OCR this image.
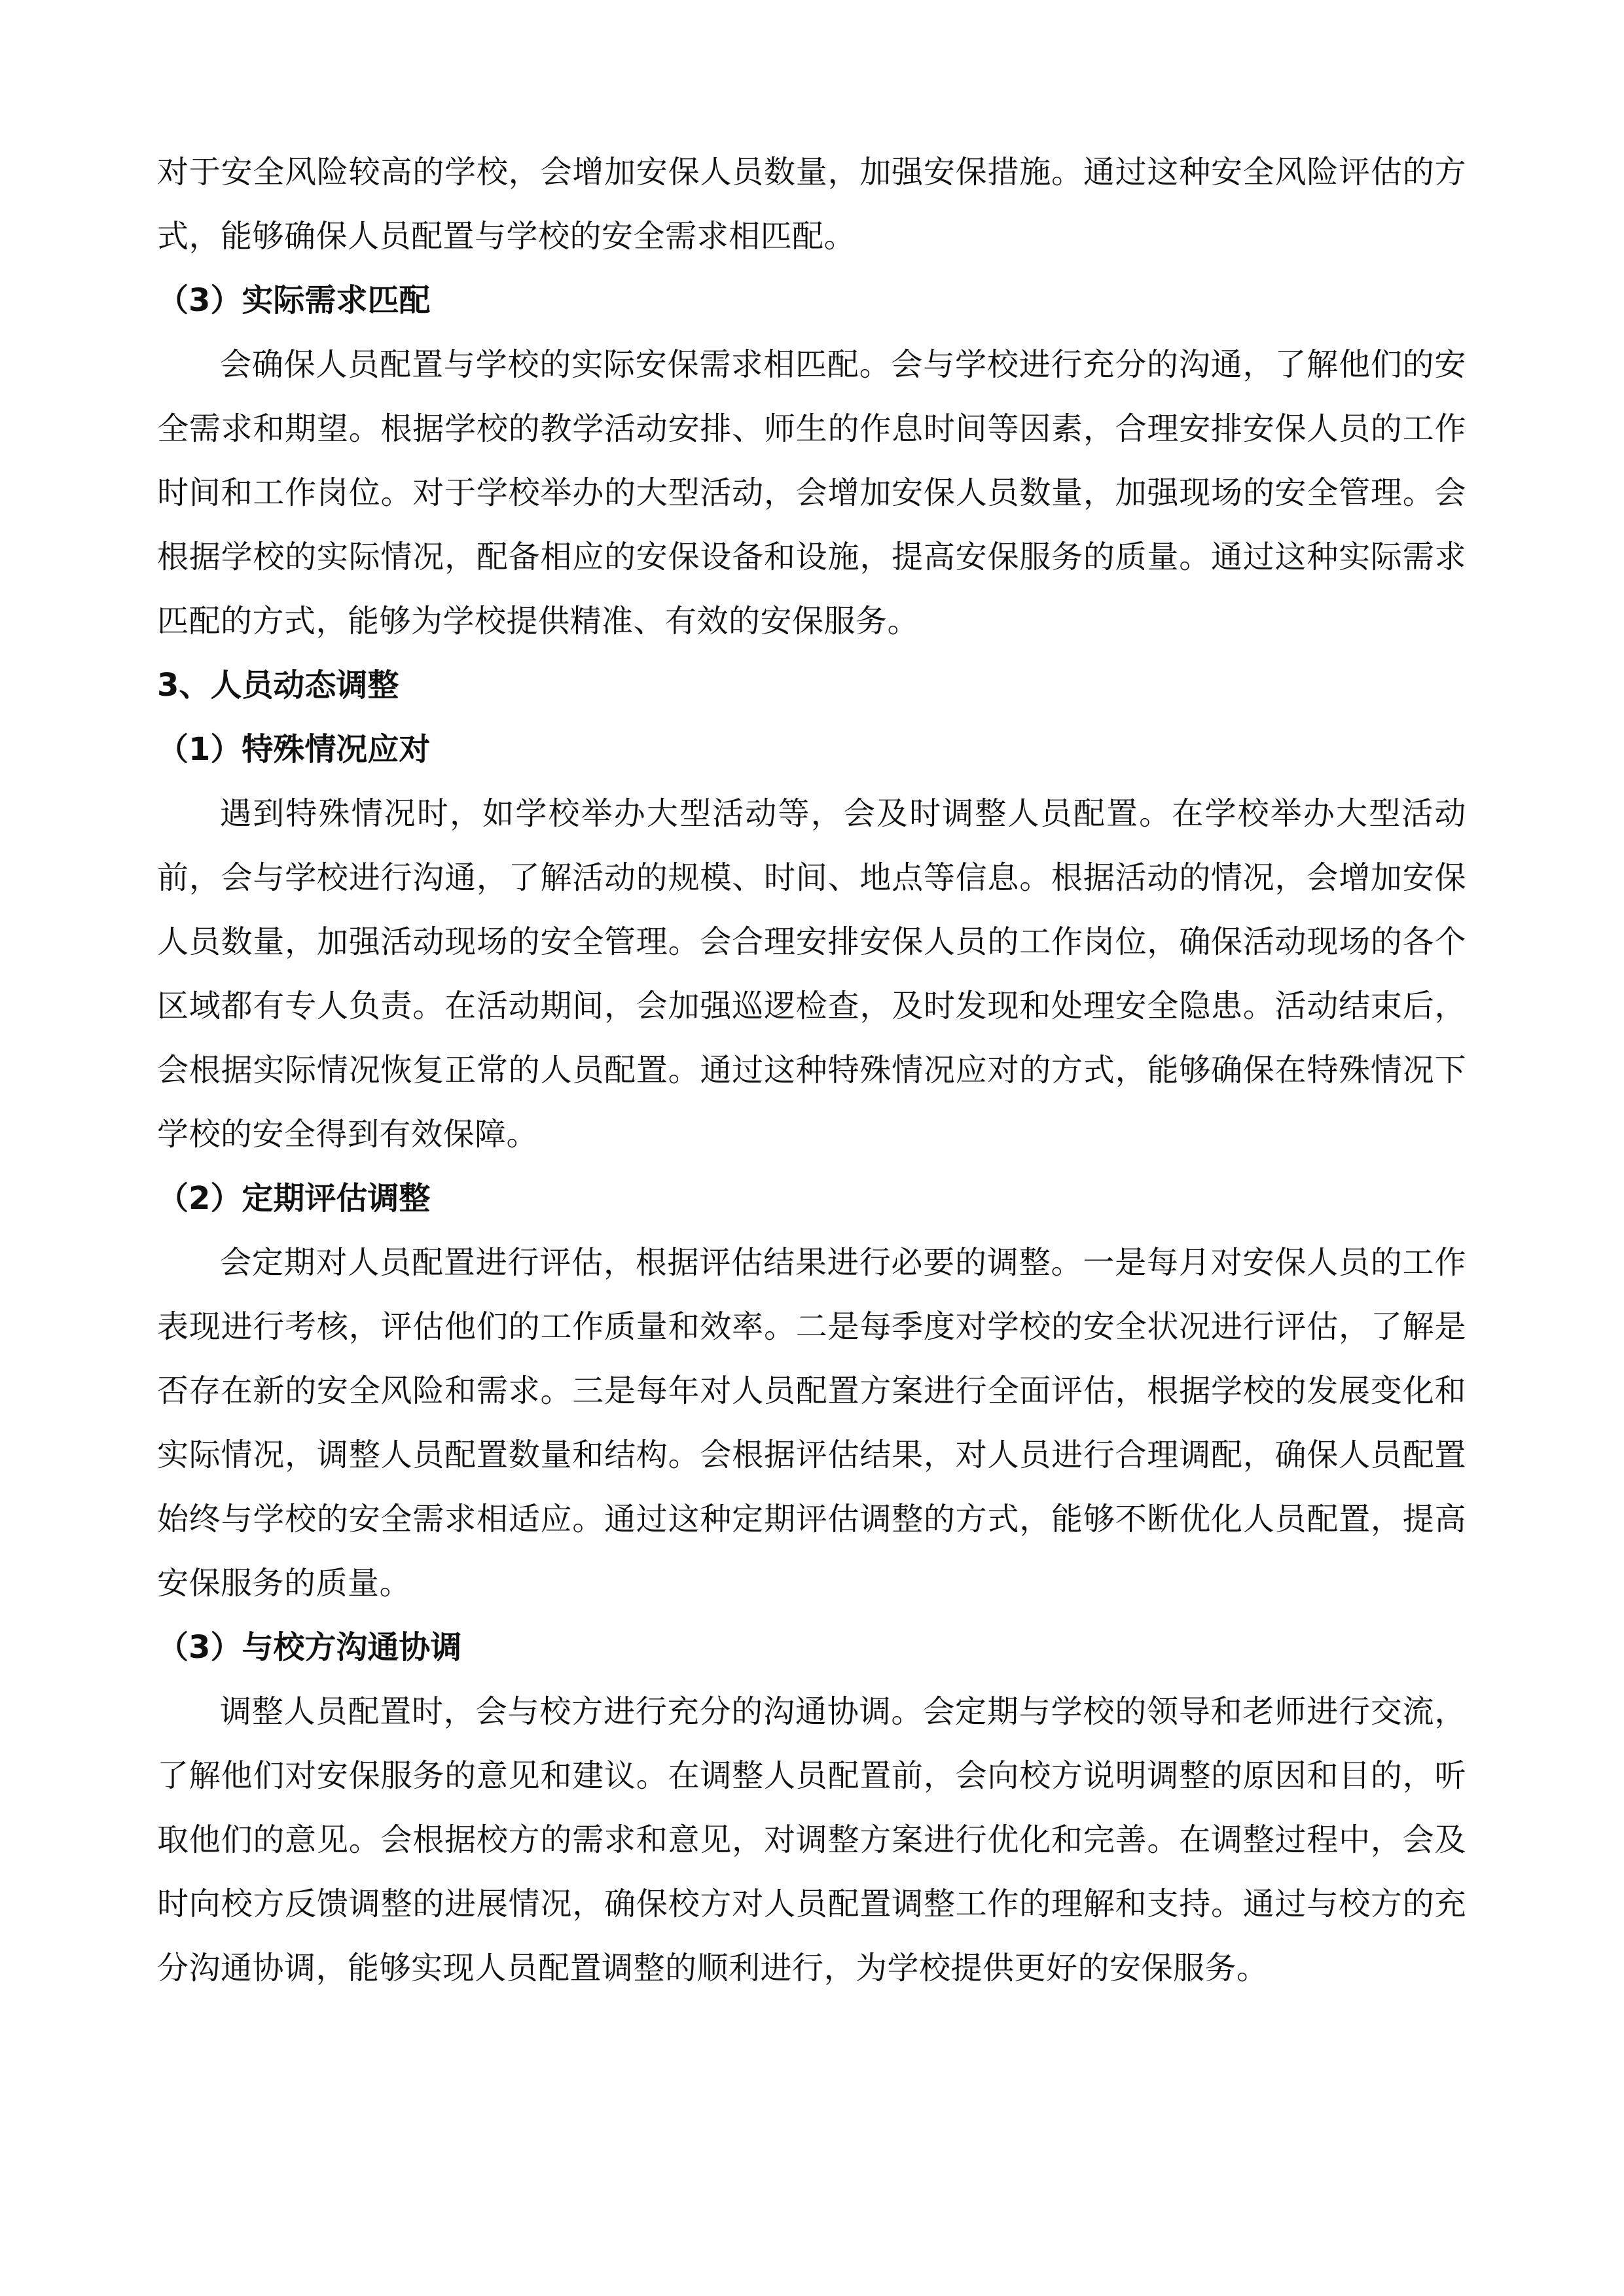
对于安全风险较高的学校，会增加安保人员数量，加强安保措施。通过这种安全风险评估的方式，能够确保人员配置与学校的安全需求相匹配。

（3）实际需求匹配

会确保人员配置与学校的实际安保需求相匹配。会与学校进行充分的沟通，了解他们的安全需求和期望。根据学校的教学活动安排、师生的作息时间等因素，合理安排安保人员的工作时间和工作岗位。对于学校举办的大型活动，会增加安保人员数量，加强现场的安全管理。会根据学校的实际情况，配备相应的安保设备和设施，提高安保服务的质量。通过这种实际需求匹配的方式，能够为学校提供精准、有效的安保服务。

3、人员动态调整

（1）特殊情况应对

遇到特殊情况时，如学校举办大型活动等，会及时调整人员配置。在学校举办大型活动前，会与学校进行沟通，了解活动的规模、时间、地点等信息。根据活动的情况，会增加安保人员数量，加强活动现场的安全管理。会合理安排安保人员的工作岗位，确保活动现场的各个区域都有专人负责。在活动期间，会加强巡逻检查，及时发现和处理安全隐患。活动结束后，会根据实际情况恢复正常的人员配置。通过这种特殊情况应对的方式，能够确保在特殊情况下学校的安全得到有效保障。

（2）定期评估调整

会定期对人员配置进行评估，根据评估结果进行必要的调整。一是每月对安保人员的工作表现进行考核，评估他们的工作质量和效率。二是每季度对学校的安全状况进行评估，了解是否存在新的安全风险和需求。三是每年对人员配置方案进行全面评估，根据学校的发展变化和实际情况，调整人员配置数量和结构。会根据评估结果，对人员进行合理调配，确保人员配置始终与学校的安全需求相适应。通过这种定期评估调整的方式，能够不断优化人员配置，提高安保服务的质量。

（3）与校方沟通协调

调整人员配置时，会与校方进行充分的沟通协调。会定期与学校的领导和老师进行交流，了解他们对安保服务的意见和建议。在调整人员配置前，会向校方说明调整的原因和目的，听取他们的意见。会根据校方的需求和意见，对调整方案进行优化和完善。在调整过程中，会及时向校方反馈调整的进展情况，确保校方对人员配置调整工作的理解和支持。通过与校方的充分沟通协调，能够实现人员配置调整的顺利进行，为学校提供更好的安保服务。
